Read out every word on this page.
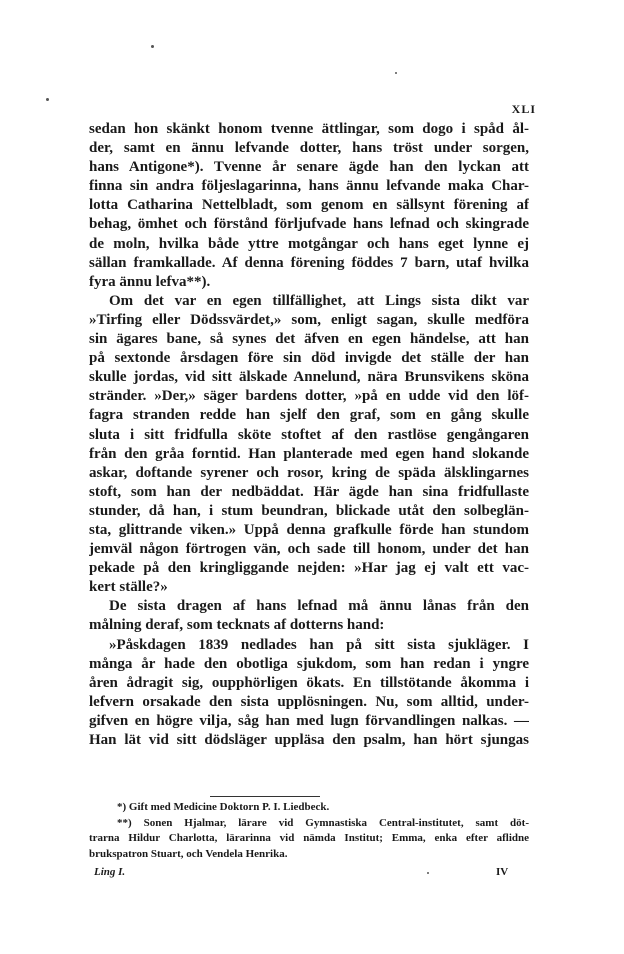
XLI
sedan hon skänkt honom tvenne ättlingar, som dogo i spåd ål-
der, samt en ännu lefvande dotter, hans tröst under sorgen,
hans Antigone*). Tvenne år senare ägde han den lyckan att
finna sin andra följeslagarinna, hans ännu lefvande maka Char-
lotta Catharina Nettelbladt, som genom en sällsynt förening af
behag, ömhet och förstånd förljufvade hans lefnad och skingrade
de moln, hvilka både yttre motgångar och hans eget lynne ej
sällan framkallade. Af denna förening föddes 7 barn, utaf hvilka
fyra ännu lefva**).
Om det var en egen tillfällighet, att Lings sista dikt var
»Tirfing eller Dödssvärdet,» som, enligt sagan, skulle medföra
sin ägares bane, så synes det äfven en egen händelse, att han
på sextonde årsdagen före sin död invigde det ställe der han
skulle jordas, vid sitt älskade Annelund, nära Brunsvikens sköna
stränder. »Der,» säger bardens dotter, »på en udde vid den löf-
fagra stranden redde han sjelf den graf, som en gång skulle
sluta i sitt fridfulla sköte stoftet af den rastlöse gengångaren
från den gråa forntid. Han planterade med egen hand slokande
askar, doftande syrener och rosor, kring de späda älsklingarnes
stoft, som han der nedbäddat. Här ägde han sina fridfullaste
stunder, då han, i stum beundran, blickade utåt den solbeglän-
sta, glittrande viken.» Uppå denna grafkulle förde han stundom
jemväl någon förtrogen vän, och sade till honom, under det han
pekade på den kringliggande nejden: »Har jag ej valt ett vac-
kert ställe?»
De sista dragen af hans lefnad må ännu lånas från den
målning deraf, som tecknats af dotterns hand:
»Påskdagen 1839 nedlades han på sitt sista sjukläger. I
många år hade den obotliga sjukdom, som han redan i yngre
åren ådragit sig, oupphörligen ökats. En tillstötande åkomma i
lefvern orsakade den sista upplösningen. Nu, som alltid, under-
gifven en högre vilja, såg han med lugn förvandlingen nalkas. —
Han lät vid sitt dödsläger uppläsa den psalm, han hört sjungas
*) Gift med Medicine Doktorn P. I. Liedbeck.
**) Sonen Hjalmar, lärare vid Gymnastiska Central-institutet, samt döt-
trarna Hildur Charlotta, lärarinna vid nämda Institut; Emma, enka efter aflidne
brukspatron Stuart, och Vendela Henrika.
Ling I.	IV
